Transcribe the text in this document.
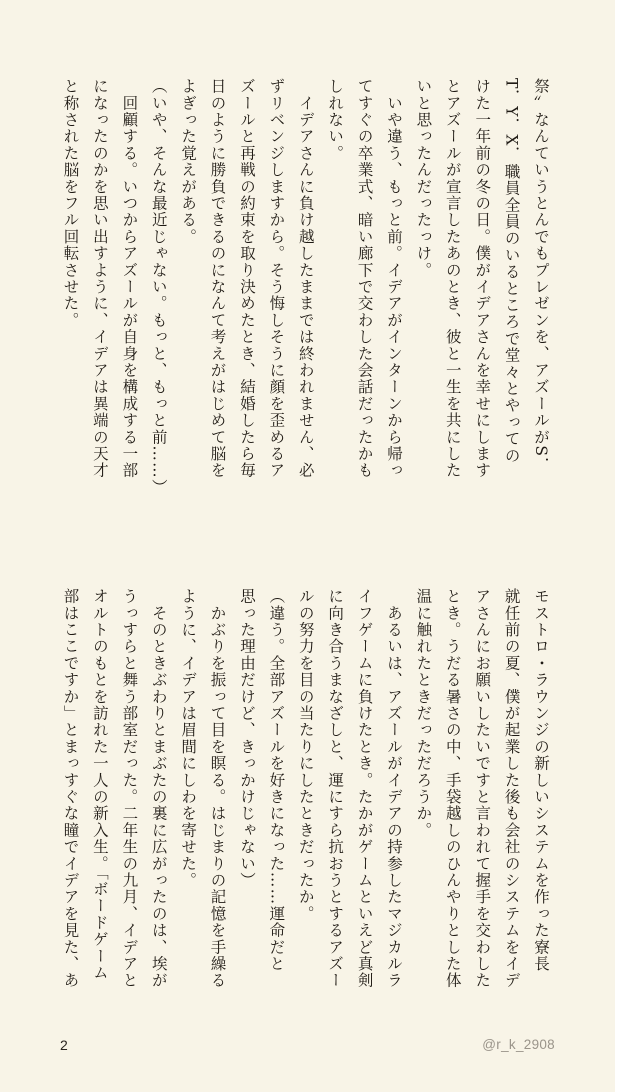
祭〟なんていうとんでもプレゼンを、アズールがS．

T．Y．X．職員全員のいるところで堂々とやっての

けた一年前の冬の日。僕がイデアさんを幸せにします

とアズールが宣言したあのとき、彼と一生を共にした

いと思ったんだったっけ。

　いや違う、もっと前。イデアがインターンから帰っ

てすぐの卒業式、暗い廊下で交わした会話だったかも

しれない。

　イデアさんに負け越したままでは終われません、必

ずリベンジしますから。そう悔しそうに顔を歪めるア

ズールと再戦の約束を取り決めたとき、結婚したら毎

日のように勝負できるのになんて考えがはじめて脳を

よぎった覚えがある。

（いや、そんな最近じゃない。もっと、もっと前……）

　回顧する。いつからアズールが自身を構成する一部

になったのかを思い出すように、イデアは異端の天才

と称された脳をフル回転させた。

モストロ・ラウンジの新しいシステムを作った寮長

就任前の夏、僕が起業した後も会社のシステムをイデ

アさんにお願いしたいですと言われて握手を交わした

とき。うだる暑さの中、手袋越しのひんやりとした体

温に触れたときだっただろうか。

　あるいは、アズールがイデアの持参したマジカルラ

イフゲームに負けたとき。たかがゲームといえど真剣

に向き合うまなざしと、運にすら抗おうとするアズー

ルの努力を目の当たりにしたときだったか。

（違う。全部アズールを好きになった……運命だと

思った理由だけど、きっかけじゃない）

　かぶりを振って目を瞑る。はじまりの記憶を手繰る

ように、イデアは眉間にしわを寄せた。

　そのときぶわりとまぶたの裏に広がったのは、埃が

うっすらと舞う部室だった。二年生の九月、イデアと

オルトのもとを訪れた一人の新入生。「ボードゲーム

部はここですか」とまっすぐな瞳でイデアを見た、あ

2	@r_k_2908
